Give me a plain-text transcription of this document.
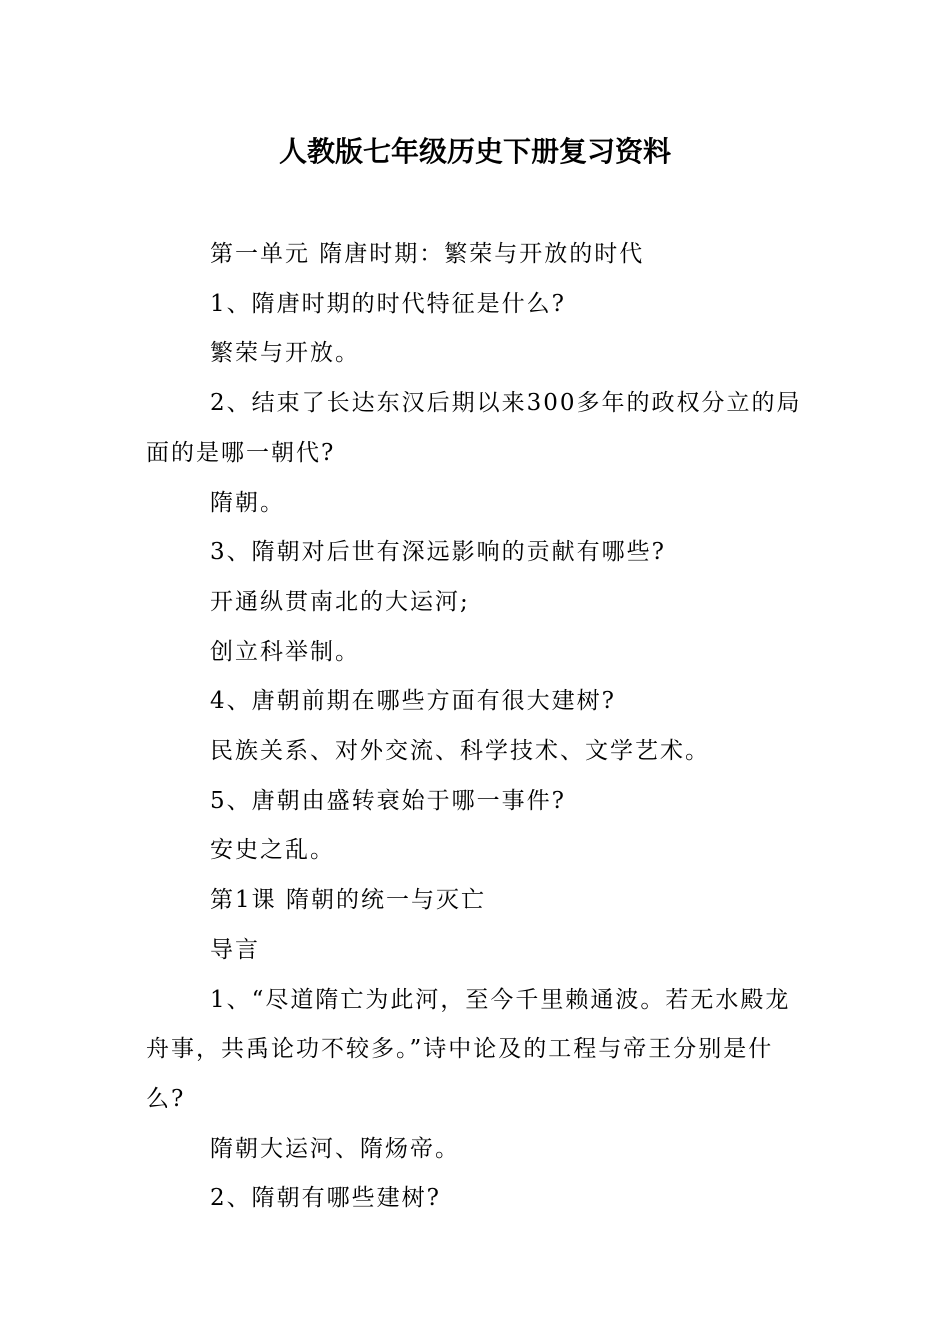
人教版七年级历史下册复习资料

第一单元 隋唐时期：繁荣与开放的时代

1、隋唐时期的时代特征是什么?

繁荣与开放。

2、结束了长达东汉后期以来300多年的政权分立的局面的是哪一朝代?

隋朝。

3、隋朝对后世有深远影响的贡献有哪些?

开通纵贯南北的大运河;

创立科举制。

4、唐朝前期在哪些方面有很大建树?

民族关系、对外交流、科学技术、文学艺术。

5、唐朝由盛转衰始于哪一事件?

安史之乱。

第1课 隋朝的统一与灭亡

导言

1、“尽道隋亡为此河，至今千里赖通波。若无水殿龙舟事，共禹论功不较多。”诗中论及的工程与帝王分别是什么?

隋朝大运河、隋炀帝。

2、隋朝有哪些建树?
